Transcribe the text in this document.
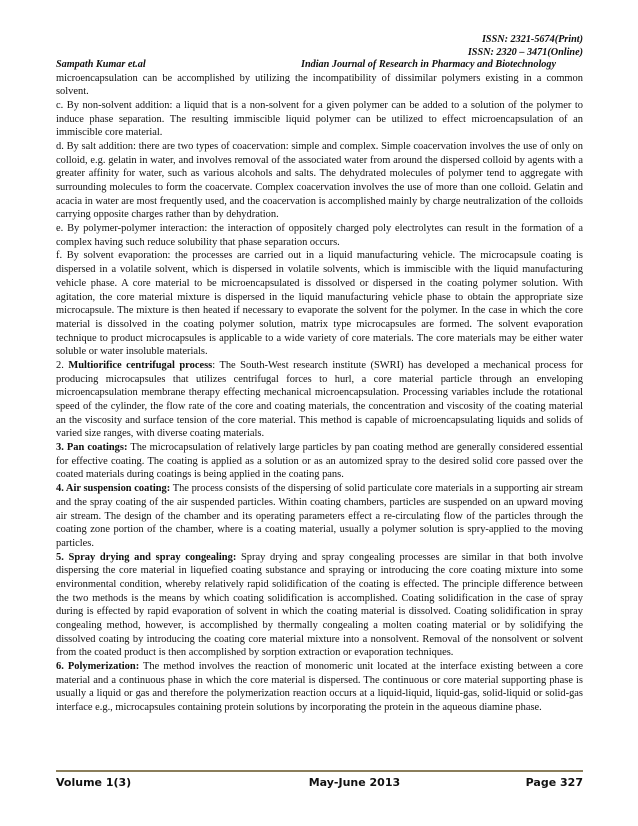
ISSN: 2321-5674(Print)
ISSN: 2320 – 3471(Online)
Sampath Kumar et.al	Indian Journal of Research in Pharmacy and Biotechnology

microencapsulation can be accomplished by utilizing the incompatibility of dissimilar polymers existing in a common solvent.

c. By non-solvent addition: a liquid that is a non-solvent for a given polymer can be added to a solution of the polymer to induce phase separation. The resulting immiscible liquid polymer can be utilized to effect microencapsulation of an immiscible core material.

d. By salt addition: there are two types of coacervation: simple and complex. Simple coacervation involves the use of only on colloid, e.g. gelatin in water, and involves removal of the associated water from around the dispersed colloid by agents with a greater affinity for water, such as various alcohols and salts. The dehydrated molecules of polymer tend to aggregate with surrounding molecules to form the coacervate. Complex coacervation involves the use of more than one colloid. Gelatin and acacia in water are most frequently used, and the coacervation is accomplished mainly by charge neutralization of the colloids carrying opposite charges rather than by dehydration.

e. By polymer-polymer interaction: the interaction of oppositely charged poly electrolytes can result in the formation of a complex having such reduce solubility that phase separation occurs.

f. By solvent evaporation: the processes are carried out in a liquid manufacturing vehicle. The microcapsule coating is dispersed in a volatile solvent, which is dispersed in volatile solvents, which is immiscible with the liquid manufacturing vehicle phase. A core material to be microencapsulated is dissolved or dispersed in the coating polymer solution. With agitation, the core material mixture is dispersed in the liquid manufacturing vehicle phase to obtain the appropriate size microcapsule. The mixture is then heated if necessary to evaporate the solvent for the polymer. In the case in which the core material is dissolved in the coating polymer solution, matrix type microcapsules are formed. The solvent evaporation technique to product microcapsules is applicable to a wide variety of core materials. The core materials may be either water soluble or water insoluble materials.

2. Multiorifice centrifugal process: The South-West research institute (SWRI) has developed a mechanical process for producing microcapsules that utilizes centrifugal forces to hurl, a core material particle through an enveloping microencapsulation membrane therapy effecting mechanical microencapsulation. Processing variables include the rotational speed of the cylinder, the flow rate of the core and coating materials, the concentration and viscosity of the coating material an the viscosity and surface tension of the core material. This method is capable of microencapsulating liquids and solids of varied size ranges, with diverse coating materials.

3. Pan coatings: The microcapsulation of relatively large particles by pan coating method are generally considered essential for effective coating. The coating is applied as a solution or as an automized spray to the desired solid core passed over the coated materials during coatings is being applied in the coating pans.

4. Air suspension coating: The process consists of the dispersing of solid particulate core materials in a supporting air stream and the spray coating of the air suspended particles. Within coating chambers, particles are suspended on an upward moving air stream. The design of the chamber and its operating parameters effect a re-circulating flow of the particles through the coating zone portion of the chamber, where is a coating material, usually a polymer solution is spry-applied to the moving particles.

5. Spray drying and spray congealing: Spray drying and spray congealing processes are similar in that both involve dispersing the core material in liquefied coating substance and spraying or introducing the core coating mixture into some environmental condition, whereby relatively rapid solidification of the coating is effected. The principle difference between the two methods is the means by which coating solidification is accomplished. Coating solidification in the case of spray during is effected by rapid evaporation of solvent in which the coating material is dissolved. Coating solidification in spray congealing method, however, is accomplished by thermally congealing a molten coating material or by solidifying the dissolved coating by introducing the coating core material mixture into a nonsolvent. Removal of the nonsolvent or solvent from the coated product is then accomplished by sorption extraction or evaporation techniques.

6. Polymerization: The method involves the reaction of monomeric unit located at the interface existing between a core material and a continuous phase in which the core material is dispersed. The continuous or core material supporting phase is usually a liquid or gas and therefore the polymerization reaction occurs at a liquid-liquid, liquid-gas, solid-liquid or solid-gas interface e.g., microcapsules containing protein solutions by incorporating the protein in the aqueous diamine phase.

Volume 1(3)	May-June 2013	Page 327
